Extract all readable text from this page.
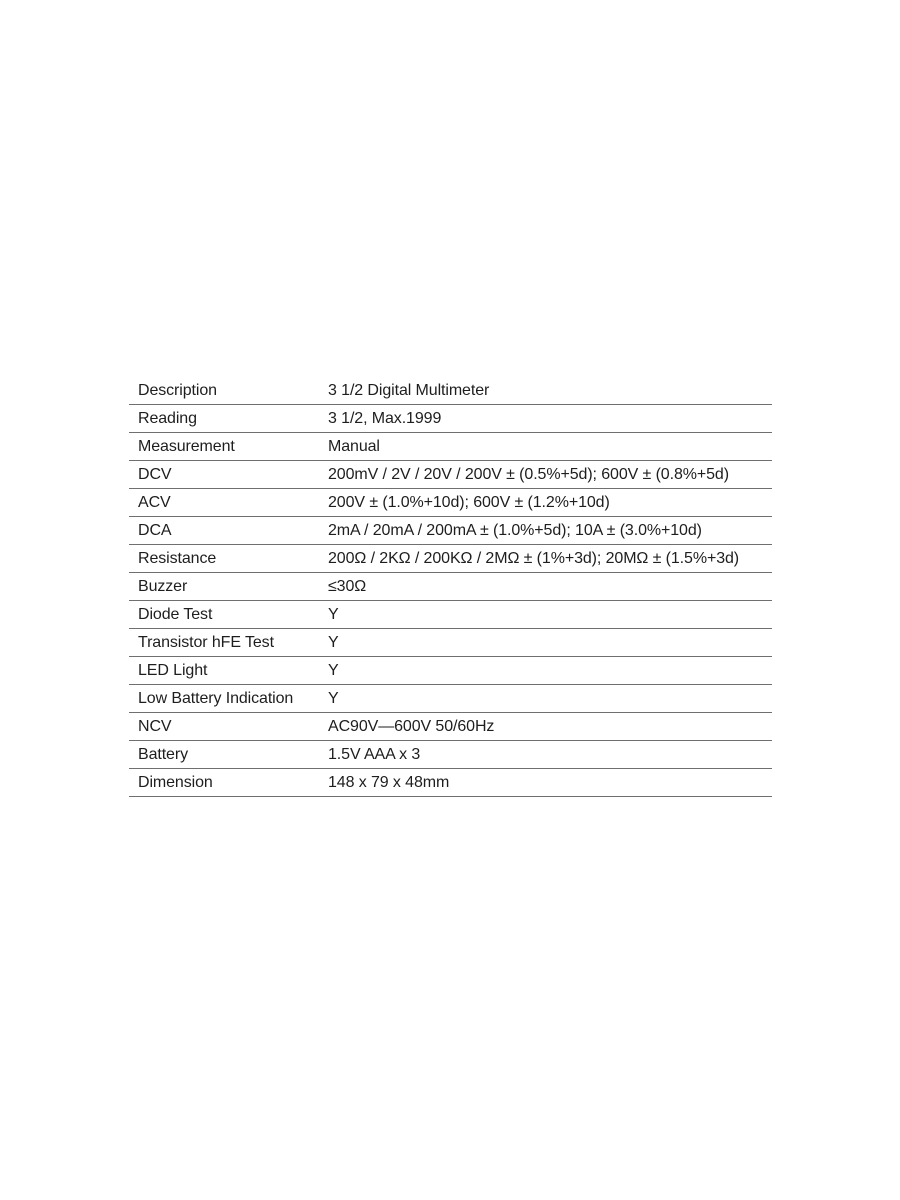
Description	3 1/2 Digital Multimeter
Reading	3 1/2, Max.1999
Measurement	Manual
DCV	200mV / 2V / 20V / 200V ± (0.5%+5d); 600V ± (0.8%+5d)
ACV	200V ± (1.0%+10d); 600V ± (1.2%+10d)
DCA	2mA / 20mA / 200mA ± (1.0%+5d); 10A ± (3.0%+10d)
Resistance	200Ω / 2KΩ / 200KΩ / 2MΩ ± (1%+3d); 20MΩ ± (1.5%+3d)
Buzzer	≤30Ω
Diode Test	Y
Transistor hFE Test	Y
LED Light	Y
Low Battery Indication	Y
NCV	AC90V—600V 50/60Hz
Battery	1.5V AAA x 3
Dimension	148 x 79 x 48mm
